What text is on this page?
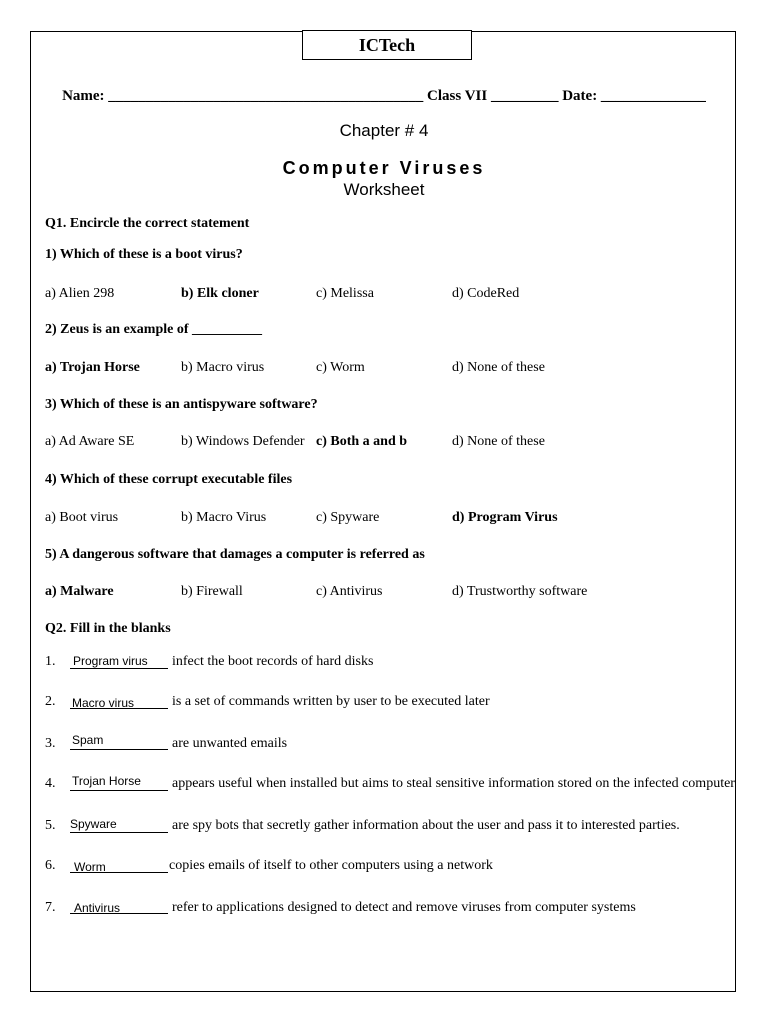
ICTech
Name: __________________________________________ Class VII _________ Date: ______________
Chapter # 4
Computer Viruses
Worksheet
Q1. Encircle the correct statement
1) Which of these is a boot virus?
a) Alien 298	b) Elk cloner	c) Melissa	d) CodeRed
2) Zeus is an example of __________
a) Trojan Horse	b) Macro virus	c) Worm	d) None of these
3) Which of these is an antispyware software?
a) Ad Aware SE	b) Windows Defender c) Both a and b	d) None of these
4) Which of these corrupt executable files
a) Boot virus	b) Macro Virus	c) Spyware	d) Program Virus
5) A dangerous software that damages a computer is referred as
a) Malware	b) Firewall	c) Antivirus	d) Trustworthy software
Q2. Fill in the blanks
1. Program virus infect the boot records of hard disks
2. Macro virus	is a set of commands written by user to be executed later
3. Spam	are unwanted emails
4. Trojan Horse appears useful when installed but aims to steal sensitive information stored on the infected computer
5. Spyware	are spy bots that secretly gather information about the user and pass it to interested parties.
6. Worm	copies emails of itself to other computers using a network
7. Antivirus	refer to applications designed to detect and remove viruses from computer systems
